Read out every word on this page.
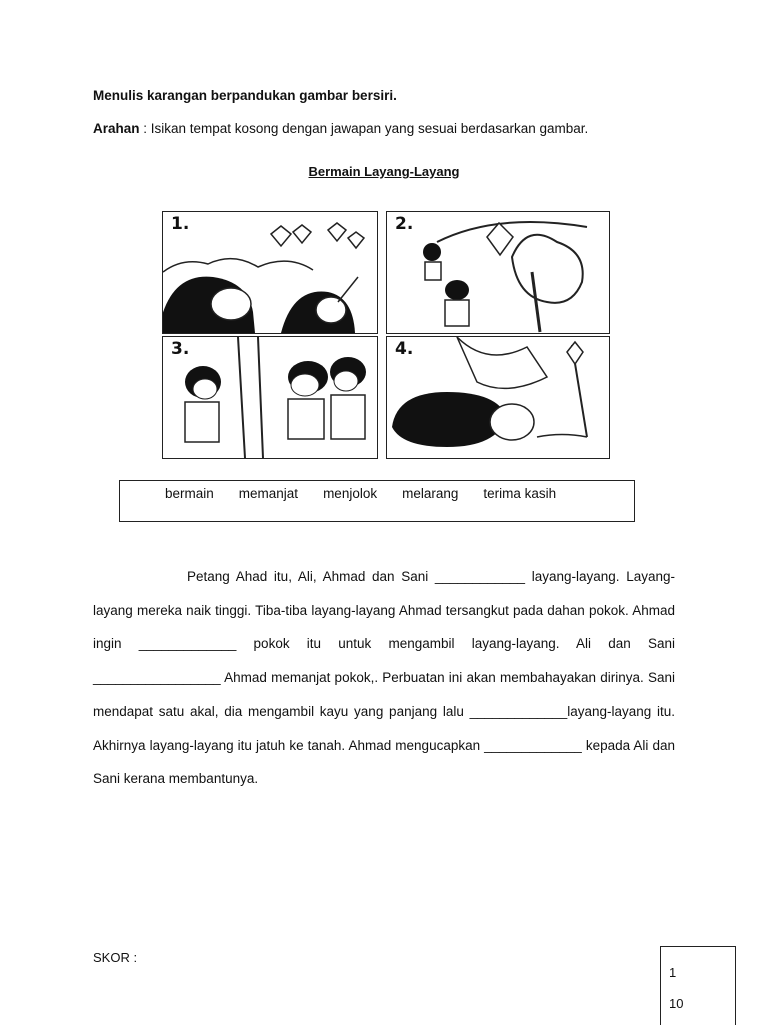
Menulis karangan berpandukan gambar bersiri.
Arahan : Isikan tempat kosong dengan jawapan yang sesuai berdasarkan gambar.
Bermain Layang-Layang
1.	2.
3.	4.
bermain memanjat menjolok melarang terima kasih

Petang Ahad itu, Ali, Ahmad dan Sani ____________ layang-layang. Layang-layang mereka naik tinggi. Tiba-tiba layang-layang Ahmad tersangkut pada dahan pokok. Ahmad ingin _____________ pokok itu untuk mengambil layang-layang. Ali dan Sani _________________ Ahmad memanjat pokok,. Perbuatan ini akan membahayakan dirinya. Sani mendapat satu akal, dia mengambil kayu yang panjang lalu _____________layang-layang itu. Akhirnya layang-layang itu jatuh ke tanah. Ahmad mengucapkan _____________ kepada Ali dan Sani kerana membantunya.

SKOR :
1
10
